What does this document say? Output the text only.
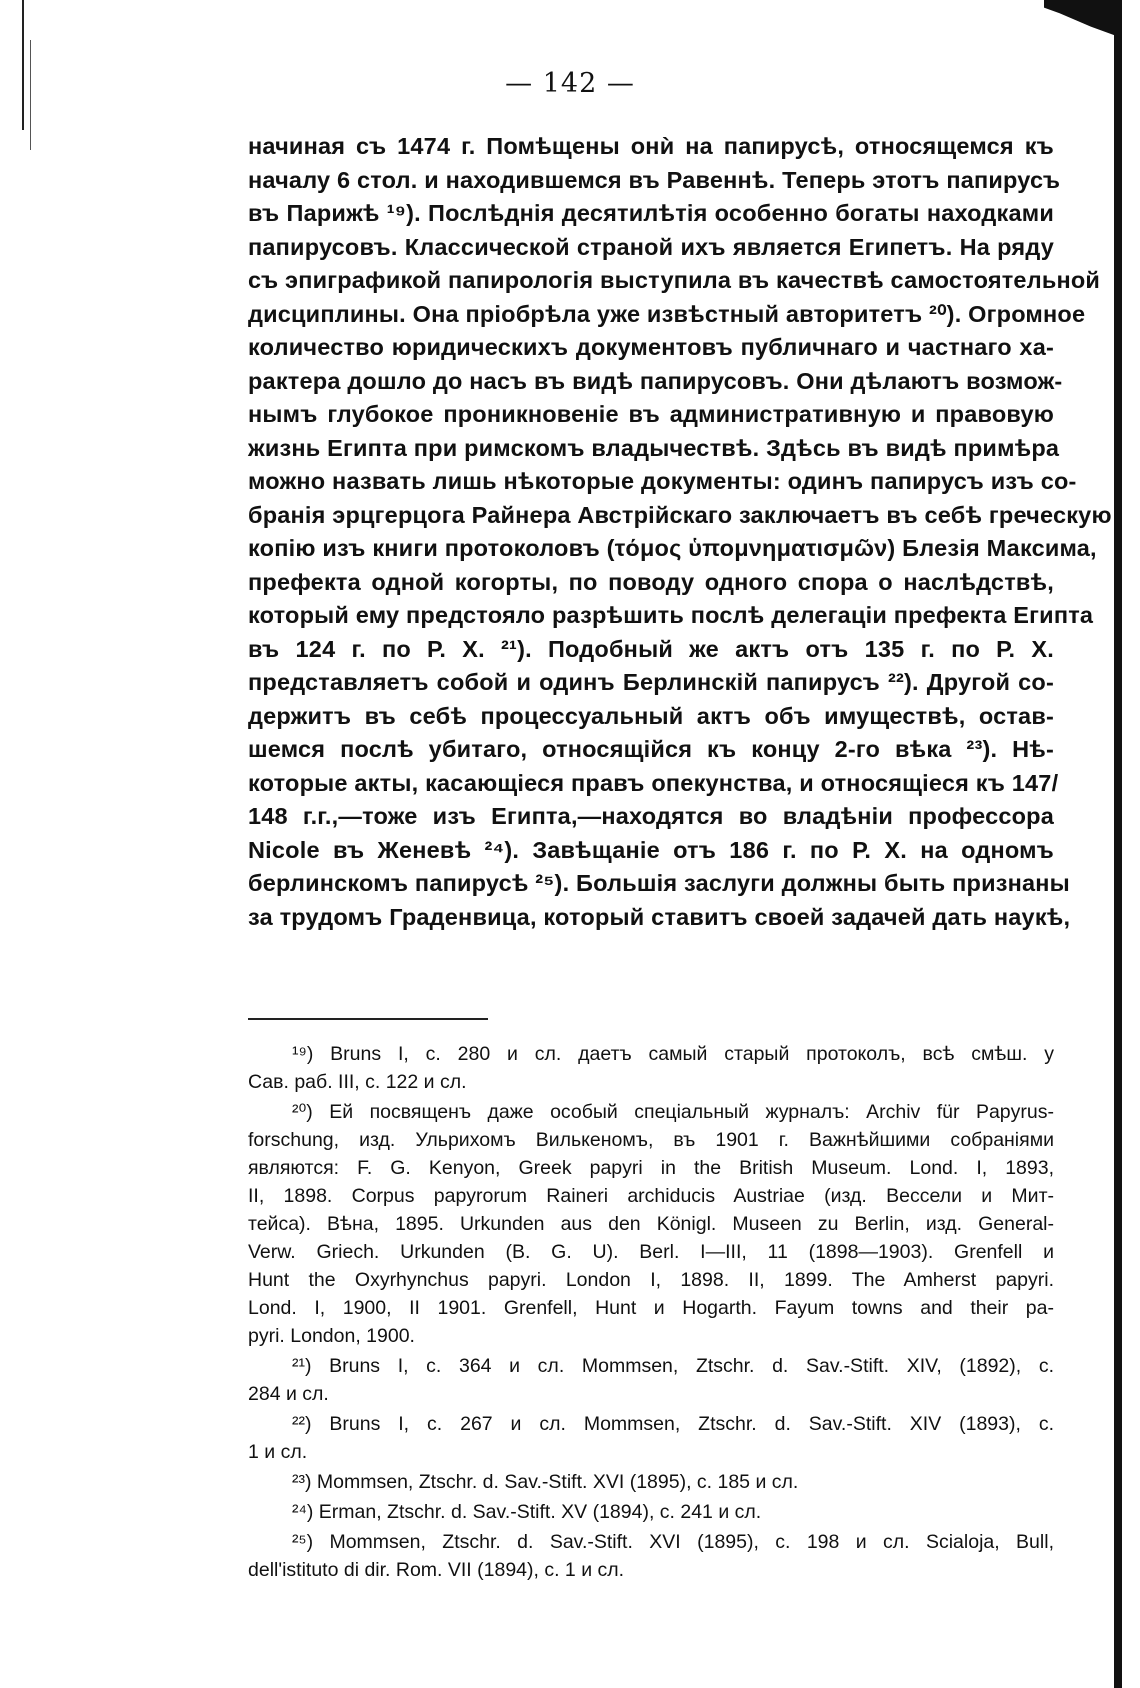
— 142 —
начиная съ 1474 г. Помѣщены онѝ на папирусѣ, относящемся къ
началу 6 стол. и находившемся въ Равеннѣ. Теперь этотъ папирусъ
въ Парижѣ ¹⁹). Послѣднія десятилѣтія особенно богаты находками
папирусовъ. Классической страной ихъ является Египетъ. На ряду
съ эпиграфикой папирологія выступила въ качествѣ самостоятельной
дисциплины. Она пріобрѣла уже извѣстный авторитетъ ²⁰). Огромное
количество юридическихъ документовъ публичнаго и частнаго ха-
рактера дошло до насъ въ видѣ папирусовъ. Они дѣлаютъ возмож-
нымъ глубокое проникновеніе въ административную и правовую
жизнь Египта при римскомъ владычествѣ. Здѣсь въ видѣ примѣра
можно назвать лишь нѣкоторые документы: одинъ папирусъ изъ со-
бранія эрцгерцога Райнера Австрійскаго заключаетъ въ себѣ греческую
копію изъ книги протоколовъ (τόμος ὑπομνηματισμῶν) Блезія Максима,
префекта одной когорты, по поводу одного спора о наслѣдствѣ,
который ему предстояло разрѣшить послѣ делегаціи префекта Египта
въ 124 г. по Р. X. ²¹). Подобный же актъ отъ 135 г. по Р. X.
представляетъ собой и одинъ Берлинскій папирусъ ²²). Другой со-
держитъ въ себѣ процессуальный актъ объ имуществѣ, остав-
шемся послѣ убитаго, относящійся къ концу 2-го вѣка ²³). Нѣ-
которые акты, касающіеся правъ опекунства, и относящіеся къ 147/
148 г.г.,—тоже изъ Египта,—находятся во владѣніи профессора
Nicole въ Женевѣ ²⁴). Завѣщаніе отъ 186 г. по Р. X. на одномъ
берлинскомъ папирусѣ ²⁵). Большія заслуги должны быть признаны
за трудомъ Граденвица, который ставитъ своей задачей дать наукѣ,
¹⁹) Bruns I, c. 280 и сл. даетъ самый старый протоколъ, всѣ смѣш. у
Сав. раб. III, с. 122 и сл.
²⁰) Ей посвященъ даже особый спеціальный журналъ: Archiv für Papyrus-
forschung, изд. Ульрихомъ Вилькеномъ, въ 1901 г. Важнѣйшими собраніями
являются: F. G. Kenyon, Greek papyri in the British Museum. Lond. I, 1893,
II, 1898. Corpus papyrorum Raineri archiducis Austriae (изд. Веccели и Мит-
тейса). Вѣна, 1895. Urkunden aus den Königl. Museen zu Berlin, изд. General-
Verw. Griech. Urkunden (B. G. U). Berl. I—III, 11 (1898—1903). Grenfell и
Hunt the Oxyrhynchus papyri. London I, 1898. II, 1899. The Amherst papyri.
Lond. I, 1900, II 1901. Grenfell, Hunt и Hogarth. Fayum towns and their pa-
pyri. London, 1900.
²¹) Bruns I, c. 364 и сл. Mommsen, Ztschr. d. Sav.-Stift. XIV, (1892), с.
284 и сл.
²²) Bruns I, c. 267 и сл. Mommsen, Ztschr. d. Sav.-Stift. XIV (1893), с.
1 и сл.
²³) Mommsen, Ztschr. d. Sav.-Stift. XVI (1895), с. 185 и сл.
²⁴) Erman, Ztschr. d. Sav.-Stift. XV (1894), с. 241 и сл.
²⁵) Mommsen, Ztschr. d. Sav.-Stift. XVI (1895), с. 198 и сл. Scialoja, Bull,
dell'istituto di dir. Rom. VII (1894), с. 1 и сл.
